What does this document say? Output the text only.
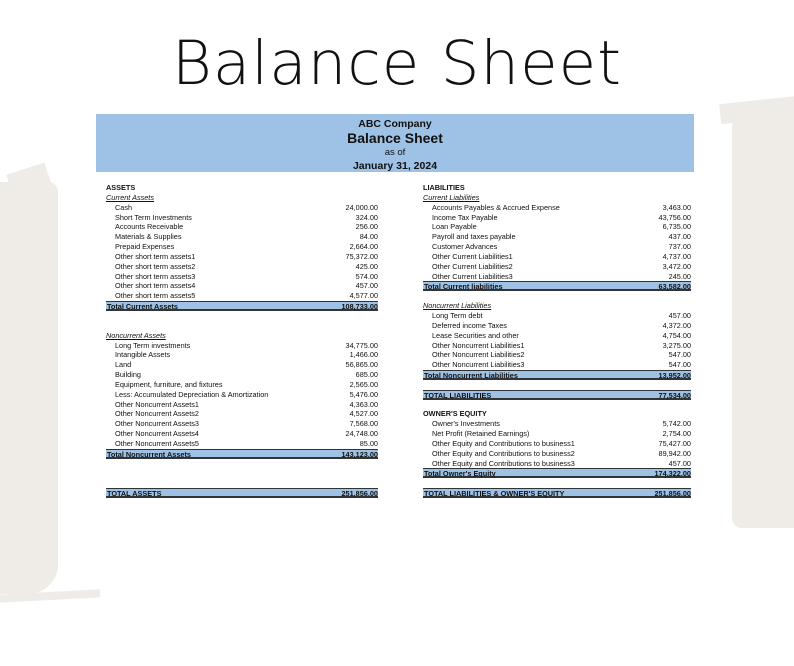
Balance Sheet
ABC Company
Balance Sheet
as of
January 31, 2024
ASSETS
Current Assets
Cash	24,000.00
Short Term Investments	324.00
Accounts Receivable	256.00
Materials & Supplies	84.00
Prepaid Expenses	2,664.00
Other short term assets1	75,372.00
Other short term assets2	425.00
Other short term assets3	574.00
Other short term assets4	457.00
Other short term assets5	4,577.00
Total Current Assets	108,733.00
Noncurrent Assets
Long Term investments	34,775.00
Intangible Assets	1,466.00
Land	56,865.00
Building	685.00
Equipment, furniture, and fixtures	2,565.00
Less: Accumulated Depreciation & Amortization	5,476.00
Other Noncurrent Assets1	4,363.00
Other Noncurrent Assets2	4,527.00
Other Noncurrent Assets3	7,568.00
Other Noncurrent Assets4	24,748.00
Other Noncurrent Assets5	85.00
Total Noncurrent Assets	143,123.00
TOTAL ASSETS	251,856.00
LIABILITIES
Current Liabilities
Accounts Payables & Accrued Expense	3,463.00
Income Tax Payable	43,756.00
Loan Payable	6,735.00
Payroll and taxes payable	437.00
Customer Advances	737.00
Other Current Liabilities1	4,737.00
Other Current Liabilities2	3,472.00
Other Current Liabilities3	245.00
Total Current liabilities	63,582.00
Noncurrent Liabilities
Long Term debt	457.00
Deferred income Taxes	4,372.00
Lease Securities and other	4,754.00
Other Noncurrent Liabilities1	3,275.00
Other Noncurrent Liabilities2	547.00
Other Noncurrent Liabilities3	547.00
Total Noncurrent Liabilities	13,952.00
TOTAL LIABILITIES	77,534.00
OWNER'S EQUITY
Owner's Investments	5,742.00
Net Profit (Retained Earnings)	2,754.00
Other Equity and Contributions to business1	75,427.00
Other Equity and Contributions to business2	89,942.00
Other Equity and Contributions to business3	457.00
Total Owner's Equity	174,322.00
TOTAL LIABILITIES & OWNER'S EQUITY	251,856.00
